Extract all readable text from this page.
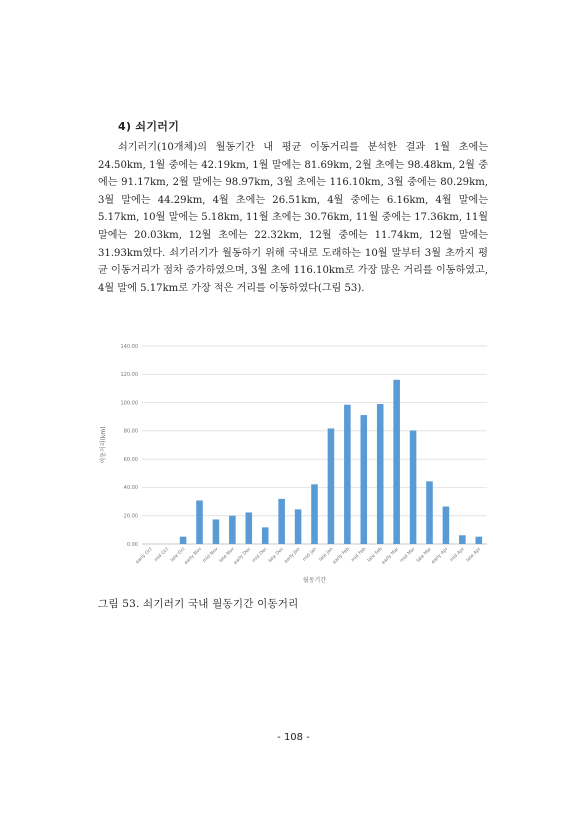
4) 쇠기러기

쇠기러기(10개체)의 월동기간 내 평균 이동거리를 분석한 결과 1월 초에는 24.50km, 1월 중에는 42.19km, 1월 말에는 81.69km, 2월 초에는 98.48km, 2월 중에는 91.17km, 2월 말에는 98.97km, 3월 초에는 116.10km, 3월 중에는 80.29km, 3월 말에는 44.29km, 4월 초에는 26.51km, 4월 중에는 6.16km, 4월 말에는 5.17km, 10월 말에는 5.18km, 11월 초에는 30.76km, 11월 중에는 17.36km, 11월 말에는 20.03km, 12월 초에는 22.32km, 12월 중에는 11.74km, 12월 말에는 31.93km였다. 쇠기러기가 월동하기 위해 국내로 도래하는 10월 말부터 3월 초까지 평균 이동거리가 점차 증가하였으며, 3월 초에 116.10km로 가장 많은 거리를 이동하였고, 4월 말에 5.17km로 가장 적은 거리를 이동하였다(그림 53).

0.00
20.00
40.00
60.00
80.00
100.00
120.00
140.00
early Oct mid Oct late Oct
early Nov mid Nov late Nov
early Dec mid Dec late Dec
early Jan mid Jan late Jan
early Feb mid Feb late Feb
early Mar mid Mar late Mar
early Apr mid Apr late Apr
이동거리(km)
월동기간
그림 53. 쇠기러기 국내 월동기간 이동거리
- 108 -
